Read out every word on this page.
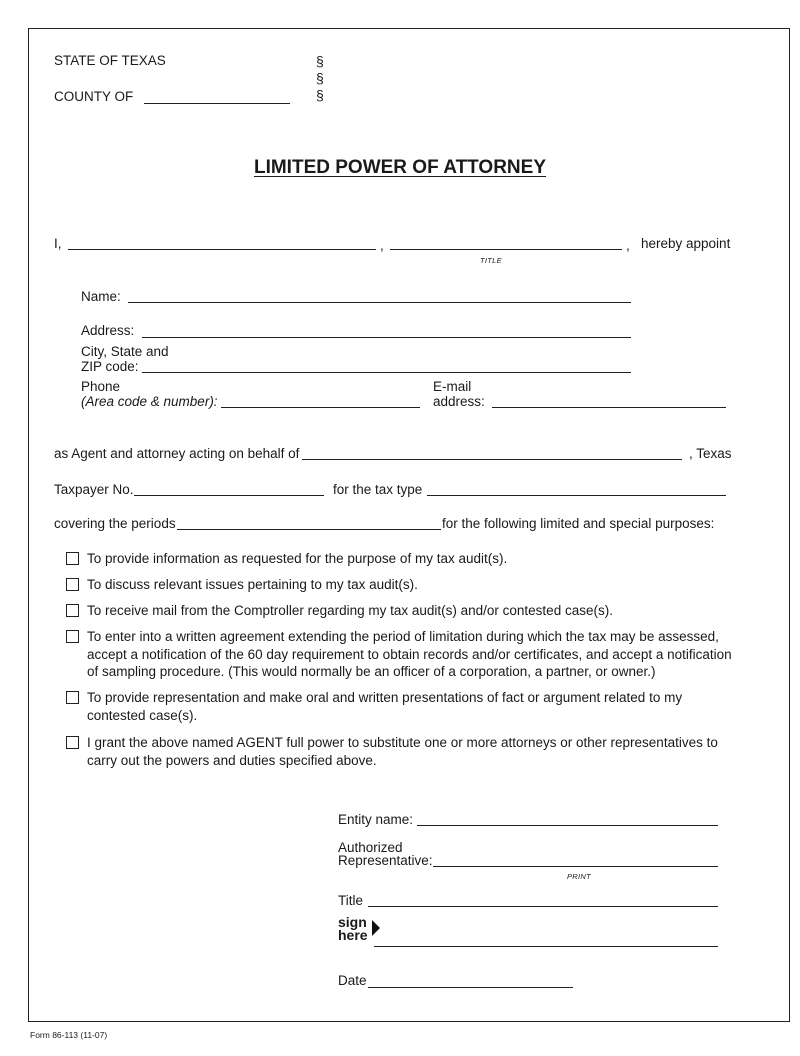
STATE OF TEXAS
COUNTY OF
§
§
§
LIMITED POWER OF ATTORNEY
I,	,	,
TITLE
hereby appoint
Name:
Address:
City, State and
ZIP code:
Phone
(Area code & number):
E-mail
address:
as Agent and attorney acting on behalf of	, Texas
Taxpayer No.	for the tax type
covering the periods	for the following limited and special purposes:
To provide information as requested for the purpose of my tax audit(s).
To discuss relevant issues pertaining to my tax audit(s).
To receive mail from the Comptroller regarding my tax audit(s) and/or contested case(s).
To enter into a written agreement extending the period of limitation during which the tax may be assessed, accept a notification of the 60 day requirement to obtain records and/or certificates, and accept a notification of sampling procedure. (This would normally be an officer of a corporation, a partner, or owner.)
To provide representation and make oral and written presentations of fact or argument related to my contested case(s).
I grant the above named AGENT full power to substitute one or more attorneys or other representatives to carry out the powers and duties specified above.
Entity name:
Authorized
Representative:
PRINT
Title
sign
here
Date
Form 86-113 (11-07)
